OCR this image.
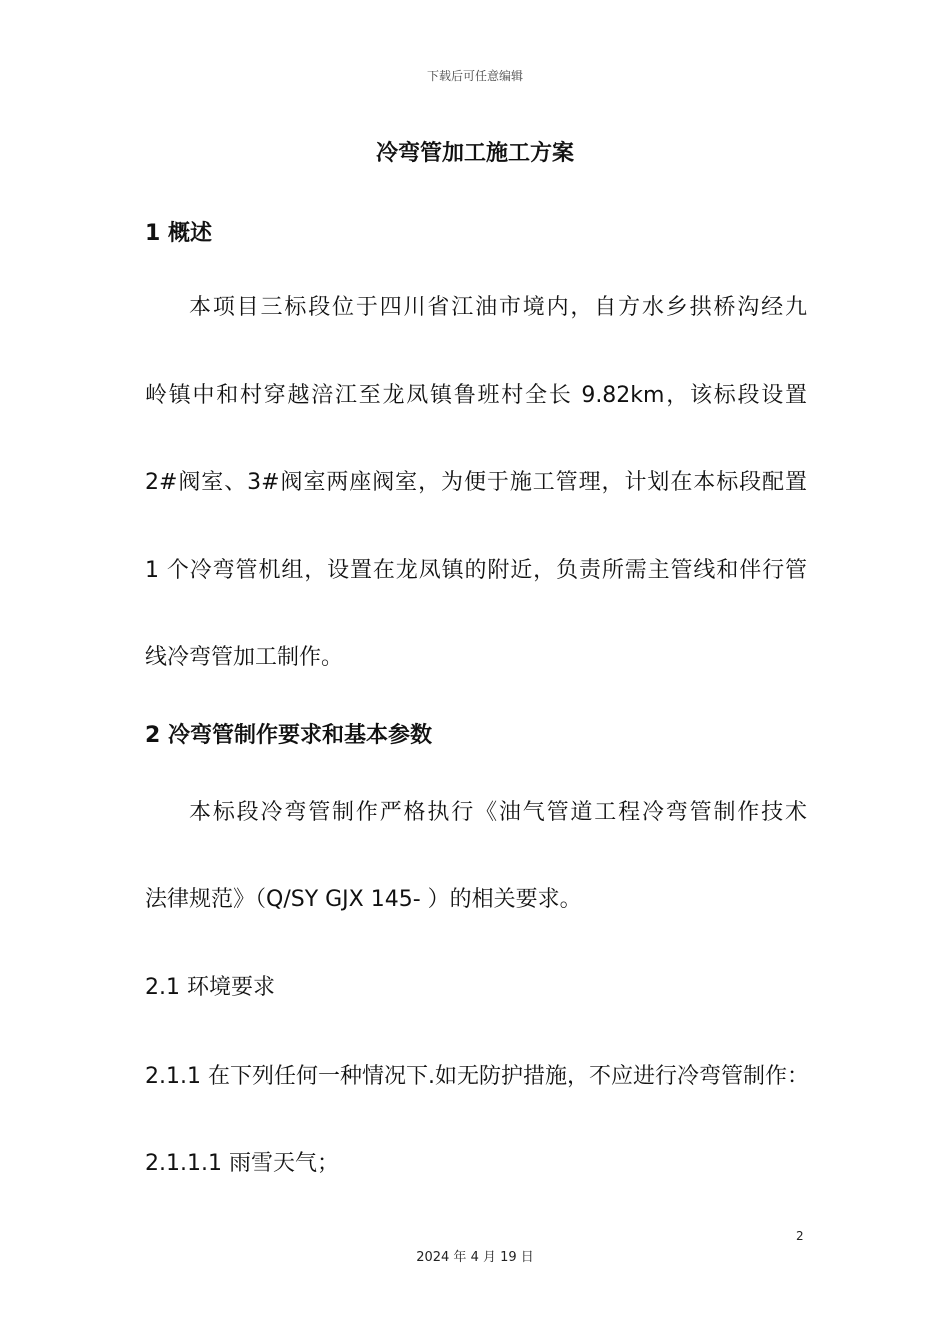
下载后可任意编辑
冷弯管加工施工方案
1 概述
本项目三标段位于四川省江油市境内，自方水乡拱桥沟经九
岭镇中和村穿越涪江至龙凤镇鲁班村全长 9.82km，该标段设置
2#阀室、3#阀室两座阀室，为便于施工管理，计划在本标段配置
1 个冷弯管机组，设置在龙凤镇的附近，负责所需主管线和伴行管
线冷弯管加工制作。
2 冷弯管制作要求和基本参数
本标段冷弯管制作严格执行《油气管道工程冷弯管制作技术
法律规范》（Q/SY GJX 145- ）的相关要求。
2.1 环境要求
2.1.1 在下列任何一种情况下.如无防护措施，不应进行冷弯管制作：
2.1.1.1 雨雪天气；
2
2024 年 4 月 19 日
